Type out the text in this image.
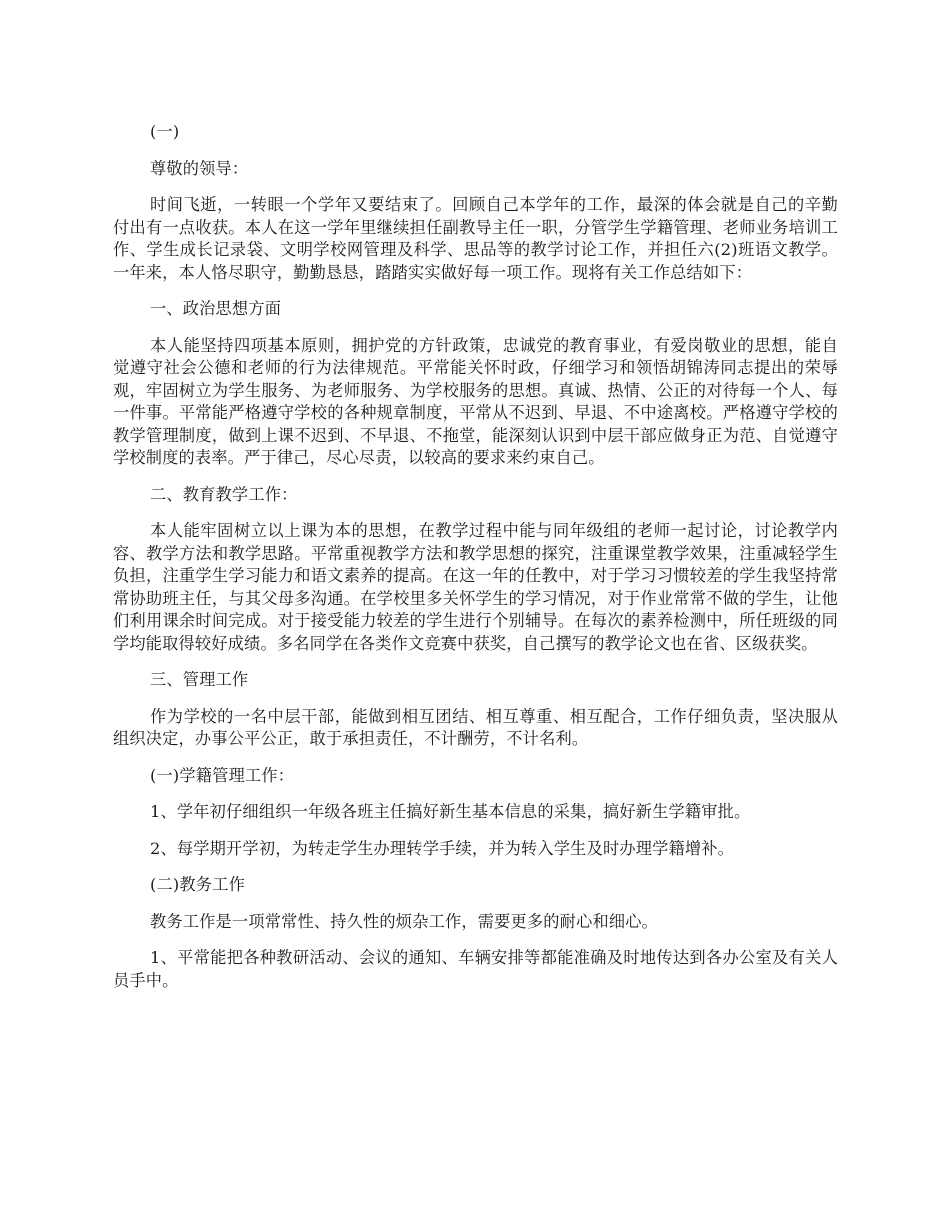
(一)

尊敬的领导：

时间飞逝，一转眼一个学年又要结束了。回顾自己本学年的工作，最深的体会就是自己的辛勤付出有一点收获。本人在这一学年里继续担任副教导主任一职，分管学生学籍管理、老师业务培训工作、学生成长记录袋、文明学校网管理及科学、思品等的教学讨论工作，并担任六(2)班语文教学。一年来，本人恪尽职守，勤勤恳恳，踏踏实实做好每一项工作。现将有关工作总结如下：

一、政治思想方面

本人能坚持四项基本原则，拥护党的方针政策，忠诚党的教育事业，有爱岗敬业的思想，能自觉遵守社会公德和老师的行为法律规范。平常能关怀时政，仔细学习和领悟胡锦涛同志提出的荣辱观，牢固树立为学生服务、为老师服务、为学校服务的思想。真诚、热情、公正的对待每一个人、每一件事。平常能严格遵守学校的各种规章制度，平常从不迟到、早退、不中途离校。严格遵守学校的教学管理制度，做到上课不迟到、不早退、不拖堂，能深刻认识到中层干部应做身正为范、自觉遵守学校制度的表率。严于律己，尽心尽责，以较高的要求来约束自己。

二、教育教学工作：

本人能牢固树立以上课为本的思想，在教学过程中能与同年级组的老师一起讨论，讨论教学内容、教学方法和教学思路。平常重视教学方法和教学思想的探究，注重课堂教学效果，注重减轻学生负担，注重学生学习能力和语文素养的提高。在这一年的任教中，对于学习习惯较差的学生我坚持常常协助班主任，与其父母多沟通。在学校里多关怀学生的学习情况，对于作业常常不做的学生，让他们利用课余时间完成。对于接受能力较差的学生进行个别辅导。在每次的素养检测中，所任班级的同学均能取得较好成绩。多名同学在各类作文竞赛中获奖，自己撰写的教学论文也在省、区级获奖。

三、管理工作

作为学校的一名中层干部，能做到相互团结、相互尊重、相互配合，工作仔细负责，坚决服从组织决定，办事公平公正，敢于承担责任，不计酬劳，不计名利。

(一)学籍管理工作：

1、学年初仔细组织一年级各班主任搞好新生基本信息的采集，搞好新生学籍审批。

2、每学期开学初，为转走学生办理转学手续，并为转入学生及时办理学籍增补。

(二)教务工作

教务工作是一项常常性、持久性的烦杂工作，需要更多的耐心和细心。

1、平常能把各种教研活动、会议的通知、车辆安排等都能准确及时地传达到各办公室及有关人员手中。
